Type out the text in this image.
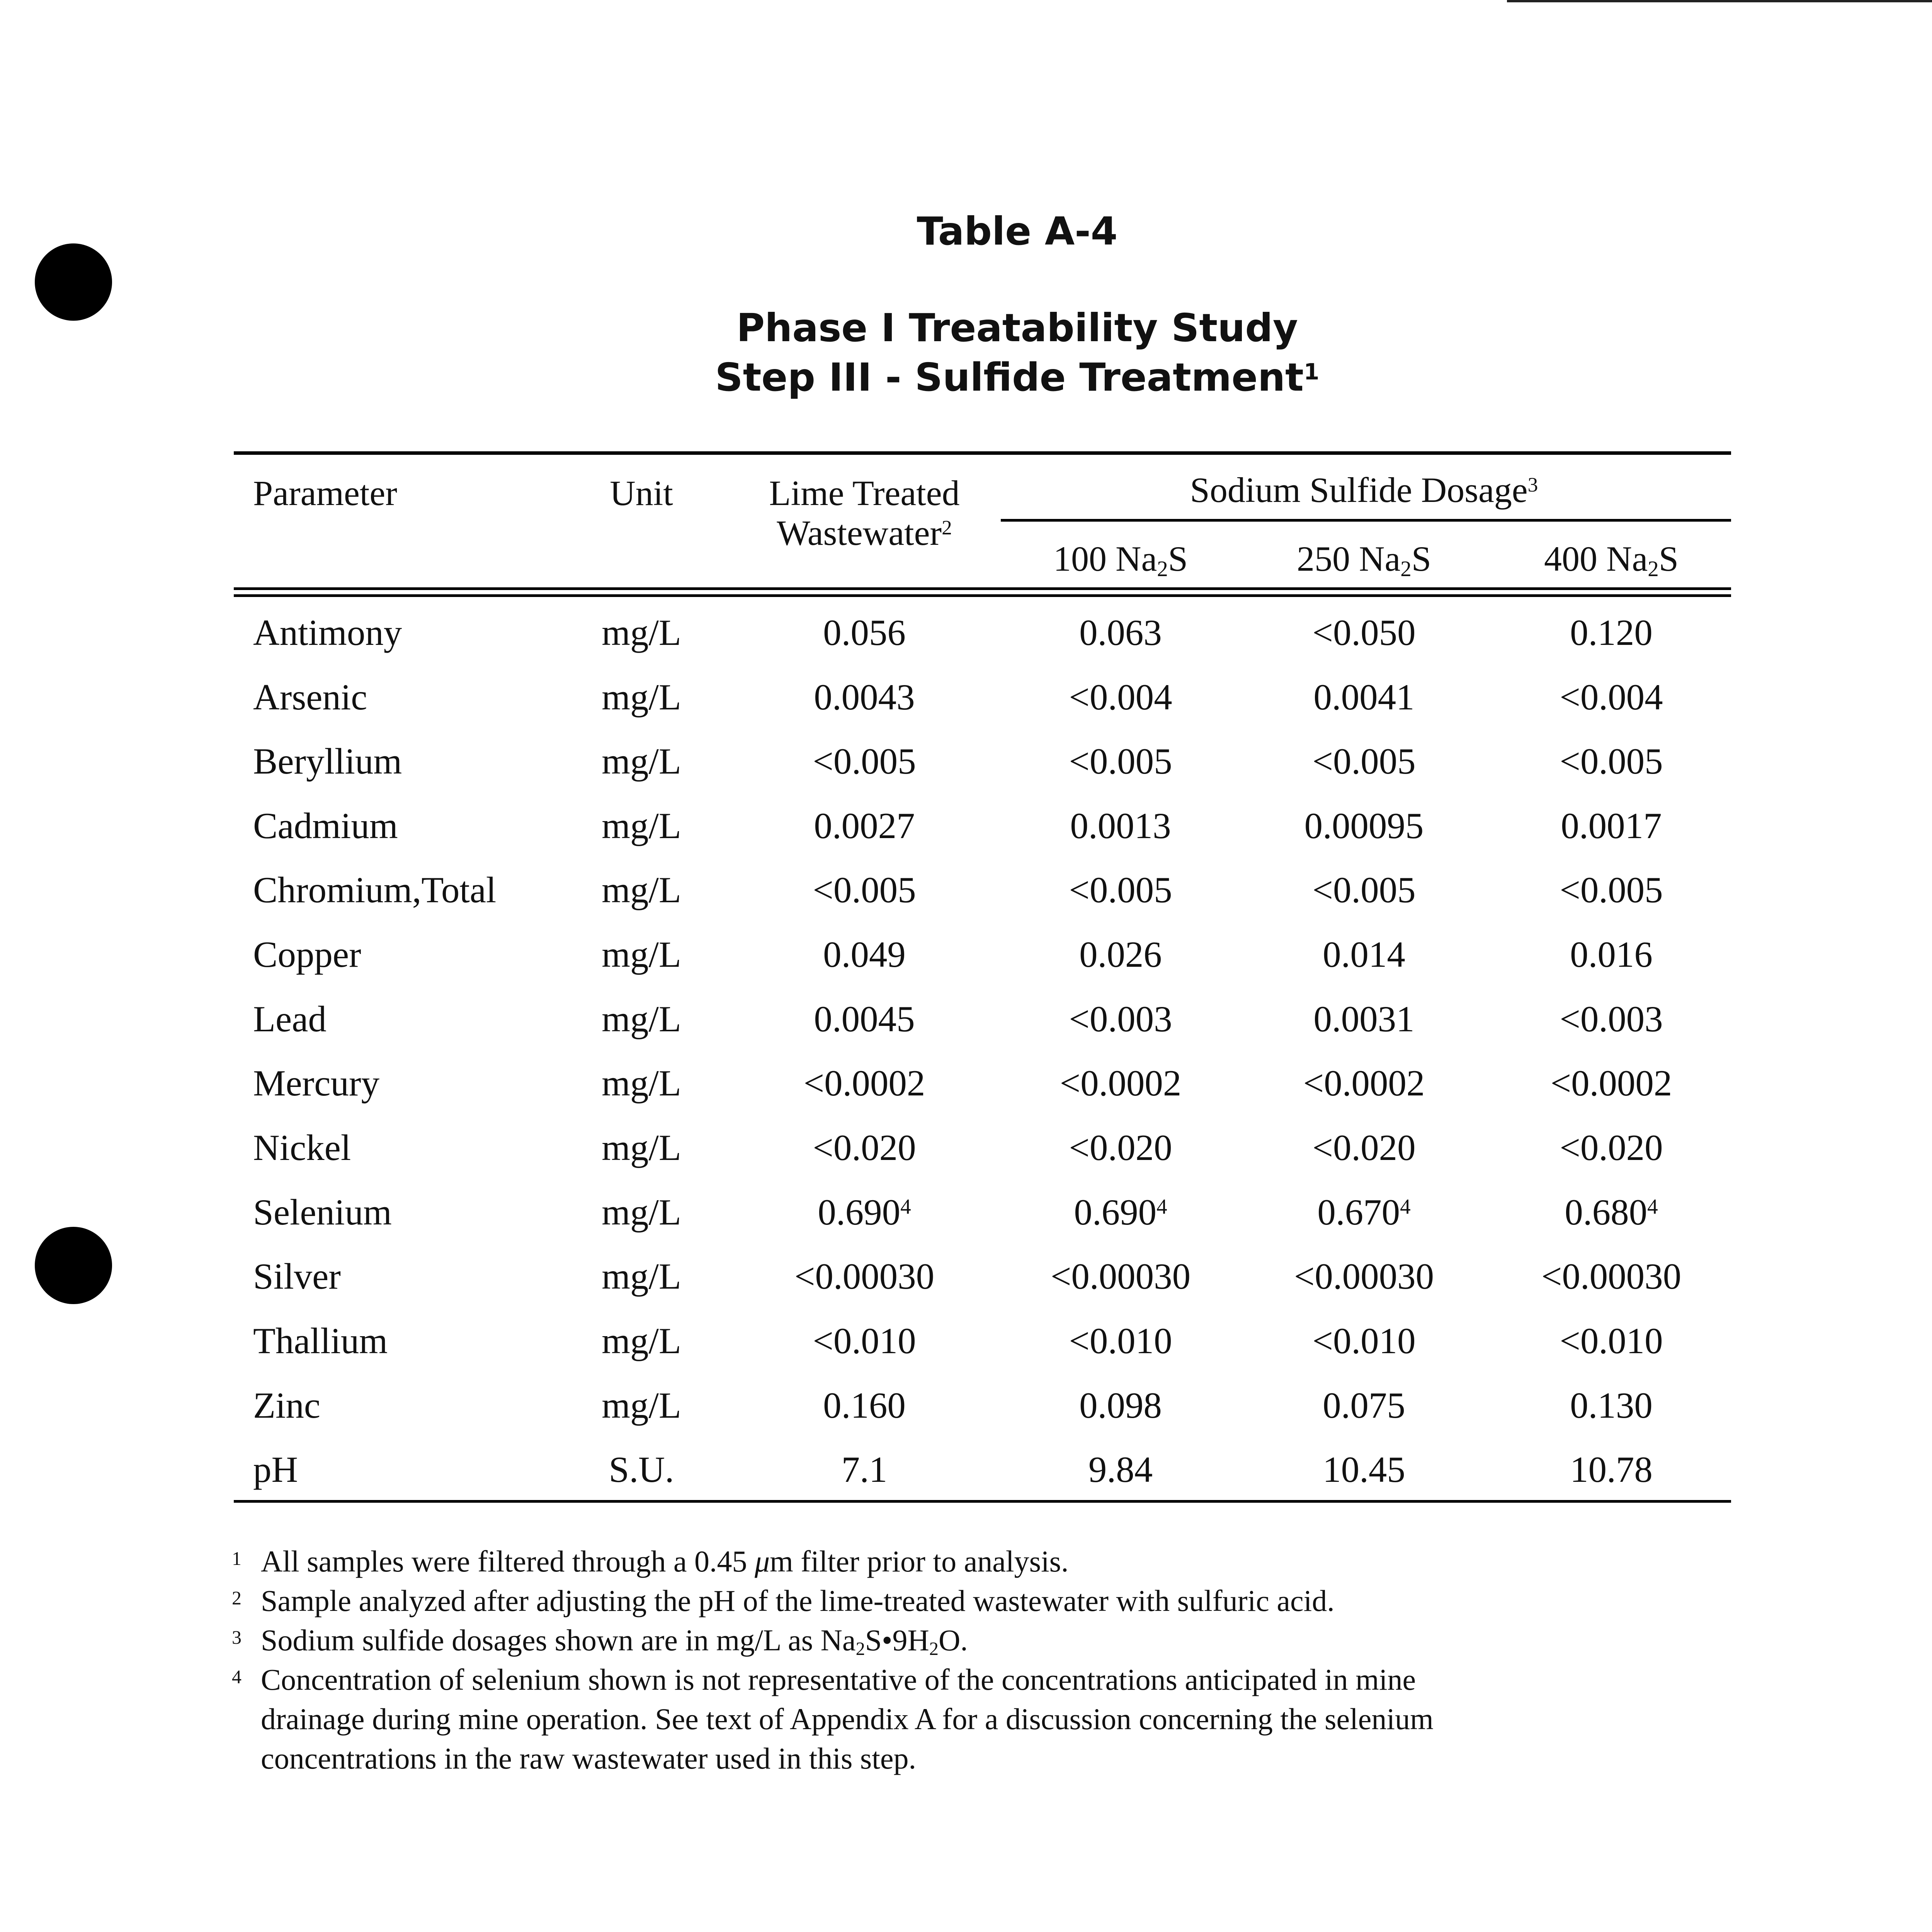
Table A-4
Phase I Treatability Study
Step III - Sulfide Treatment$^1$
Parameter	Unit	Lime Treated
Wastewater$^2$
Sodium Sulfide Dosage$^3$
100 $Na_2S$	250 $Na_2S$	400 $Na_2S$
Antimony	mg/L	0.056	0.063	<0.050	0.120
Arsenic	mg/L	0.0043	<0.004	0.0041	<0.004
Beryllium	mg/L	<0.005	<0.005	<0.005	<0.005
Cadmium	mg/L	0.0027	0.0013	0.00095	0.0017
Chromium,Total	mg/L	<0.005	<0.005	<0.005	<0.005
Copper	mg/L	0.049	0.026	0.014	0.016
Lead	mg/L	0.0045	<0.003	0.0031	<0.003
Mercury	mg/L	<0.0002	<0.0002	<0.0002	<0.0002
Nickel	mg/L	<0.020	<0.020	<0.020	<0.020
Selenium	mg/L	0.690$^4$	0.690$^4$	0.670$^4$	0.680$^4$
Silver	mg/L	<0.00030	<0.00030	<0.00030	<0.00030
Thallium	mg/L	<0.010	<0.010	<0.010	<0.010
Zinc	mg/L	0.160	0.098	0.075	0.130
pH	S.U.	7.1	9.84	10.45	10.78
1 All samples were filtered through a 0.45 μm filter prior to analysis.
2 Sample analyzed after adjusting the pH of the lime-treated wastewater with sulfuric acid.
3 Sodium sulfide dosages shown are in mg/L as $Na_2S•9H_2O$.
4 Concentration of selenium shown is not representative of the concentrations anticipated in mine
drainage during mine operation. See text of Appendix A for a discussion concerning the selenium
concentrations in the raw wastewater used in this step.
